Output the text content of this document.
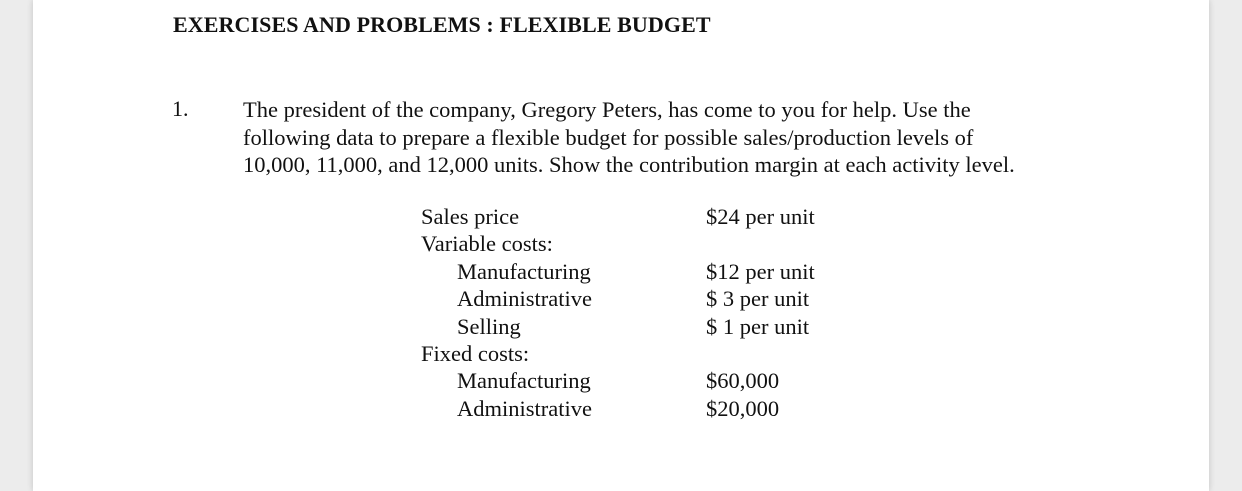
EXERCISES AND PROBLEMS : FLEXIBLE BUDGET
1. The president of the company, Gregory Peters, has come to you for help. Use the
following data to prepare a flexible budget for possible sales/production levels of
10,000, 11,000, and 12,000 units. Show the contribution margin at each activity level.
Sales price	$24 per unit
Variable costs:
Manufacturing	$12 per unit
Administrative	$ 3 per unit
Selling	$ 1 per unit
Fixed costs:
Manufacturing	$60,000
Administrative	$20,000
